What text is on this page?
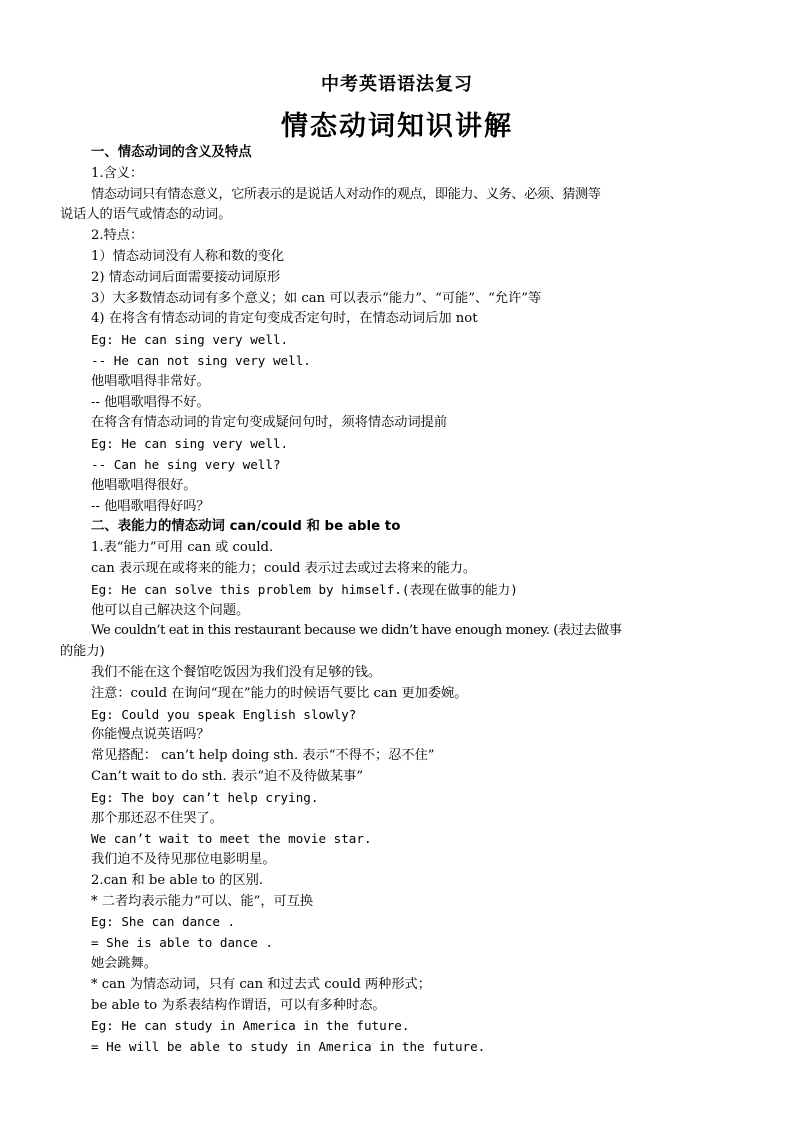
中考英语语法复习
情态动词知识讲解
一、情态动词的含义及特点
1.含义：
情态动词只有情态意义，它所表示的是说话人对动作的观点，即能力、义务、必须、猜测等
说话人的语气或情态的动词。
2.特点：
1）情态动词没有人称和数的变化
2) 情态动词后面需要接动词原形
3）大多数情态动词有多个意义；如 can 可以表示“能力”、“可能”、“允许”等
4) 在将含有情态动词的肯定句变成否定句时，在情态动词后加 not
Eg: He can sing very well.
-- He can not sing very well.
他唱歌唱得非常好。
-- 他唱歌唱得不好。
在将含有情态动词的肯定句变成疑问句时，须将情态动词提前
Eg: He can sing very well.
-- Can he sing very well?
他唱歌唱得很好。
-- 他唱歌唱得好吗？
二、表能力的情态动词 can/could 和 be able to
1.表“能力”可用 can 或 could.
can 表示现在或将来的能力；could 表示过去或过去将来的能力。
Eg: He can solve this problem by himself.(表现在做事的能力)
他可以自己解决这个问题。
We couldn’t eat in this restaurant because we didn’t have enough money. (表过去做事
的能力)
我们不能在这个餐馆吃饭因为我们没有足够的钱。
注意：could 在询问“现在”能力的时候语气要比 can 更加委婉。
Eg: Could you speak English slowly?
你能慢点说英语吗？
常见搭配： can’t help doing sth. 表示“不得不；忍不住”
Can’t wait to do sth. 表示“迫不及待做某事”
Eg: The boy can’t help crying.
那个那还忍不住哭了。
We can’t wait to meet the movie star.
我们迫不及待见那位电影明星。
2.can 和 be able to 的区别.
* 二者均表示能力“可以、能”，可互换
Eg: She can dance .
= She is able to dance .
她会跳舞。
* can 为情态动词，只有 can 和过去式 could 两种形式；
be able to 为系表结构作谓语，可以有多种时态。
Eg: He can study in America in the future.
= He will be able to study in America in the future.
